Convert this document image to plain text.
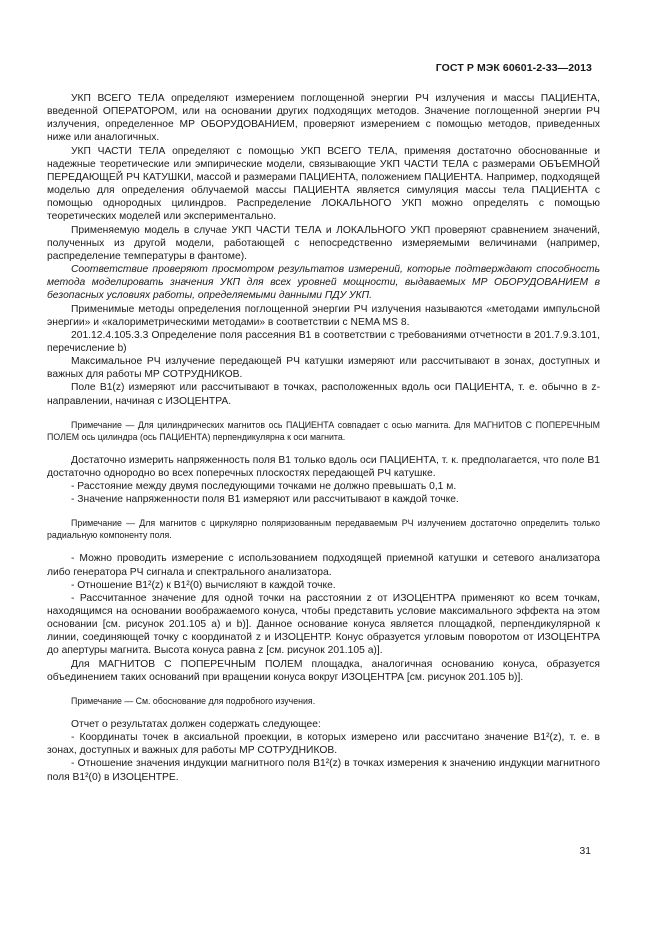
ГОСТ Р МЭК 60601-2-33—2013

УКП ВСЕГО ТЕЛА определяют измерением поглощенной энергии РЧ излучения и массы ПАЦИЕНТА, введенной ОПЕРАТОРОМ, или на основании других подходящих методов. Значение поглощенной энергии РЧ излучения, определенное МР ОБОРУДОВАНИЕМ, проверяют измерением с помощью методов, приведенных ниже или аналогичных.

УКП ЧАСТИ ТЕЛА определяют с помощью УКП ВСЕГО ТЕЛА, применяя достаточно обоснованные и надежные теоретические или эмпирические модели, связывающие УКП ЧАСТИ ТЕЛА с размерами ОБЪЕМНОЙ ПЕРЕДАЮЩЕЙ РЧ КАТУШКИ, массой и размерами ПАЦИЕНТА, положением ПАЦИЕНТА. Например, подходящей моделью для определения облучаемой массы ПАЦИЕНТА является симуляция массы тела ПАЦИЕНТА с помощью однородных цилиндров. Распределение ЛОКАЛЬНОГО УКП можно определять с помощью теоретических моделей или экспериментально.

Применяемую модель в случае УКП ЧАСТИ ТЕЛА и ЛОКАЛЬНОГО УКП проверяют сравнением значений, полученных из другой модели, работающей с непосредственно измеряемыми величинами (например, распределение температуры в фантоме).

Соответствие проверяют просмотром результатов измерений, которые подтверждают способность метода моделировать значения УКП для всех уровней мощности, выдаваемых МР ОБОРУДОВАНИЕМ в безопасных условиях работы, определяемыми данными ПДУ УКП.

Применимые методы определения поглощенной энергии РЧ излучения называются «методами импульсной энергии» и «калориметрическими методами» в соответствии с NEMA MS 8.

201.12.4.105.3.3 Определение поля рассеяния B1 в соответствии с требованиями отчетности в 201.7.9.3.101, перечисление b)

Максимальное РЧ излучение передающей РЧ катушки измеряют или рассчитывают в зонах, доступных и важных для работы МР СОТРУДНИКОВ.

Поле B1(z) измеряют или рассчитывают в точках, расположенных вдоль оси ПАЦИЕНТА, т. е. обычно в z-направлении, начиная с ИЗОЦЕНТРА.

Примечание — Для цилиндрических магнитов ось ПАЦИЕНТА совпадает с осью магнита. Для МАГНИТОВ С ПОПЕРЕЧНЫМ ПОЛЕМ ось цилиндра (ось ПАЦИЕНТА) перпендикулярна к оси магнита.

Достаточно измерить напряженность поля B1 только вдоль оси ПАЦИЕНТА, т. к. предполагается, что поле B1 достаточно однородно во всех поперечных плоскостях передающей РЧ катушке.

- Расстояние между двумя последующими точками не должно превышать 0,1 м.

- Значение напряженности поля B1 измеряют или рассчитывают в каждой точке.

Примечание — Для магнитов с циркулярно поляризованным передаваемым РЧ излучением достаточно определить только радиальную компоненту поля.

- Можно проводить измерение с использованием подходящей приемной катушки и сетевого анализатора либо генератора РЧ сигнала и спектрального анализатора.

- Отношение B1²(z) к B1²(0) вычисляют в каждой точке.

- Рассчитанное значение для одной точки на расстоянии z от ИЗОЦЕНТРА применяют ко всем точкам, находящимся на основании воображаемого конуса, чтобы представить условие максимального эффекта на этом основании [см. рисунок 201.105 а) и b)]. Данное основание конуса является площадкой, перпендикулярной к линии, соединяющей точку с координатой z и ИЗОЦЕНТР. Конус образуется угловым поворотом от ИЗОЦЕНТРА до апертуры магнита. Высота конуса равна z [см. рисунок 201.105 а)].

Для МАГНИТОВ С ПОПЕРЕЧНЫМ ПОЛЕМ площадка, аналогичная основанию конуса, образуется объединением таких оснований при вращении конуса вокруг ИЗОЦЕНТРА [см. рисунок 201.105 b)].

Примечание — См. обоснование для подробного изучения.

Отчет о результатах должен содержать следующее:

- Координаты точек в аксиальной проекции, в которых измерено или рассчитано значение B1²(z), т. е. в зонах, доступных и важных для работы МР СОТРУДНИКОВ.

- Отношение значения индукции магнитного поля B1²(z) в точках измерения к значению индукции магнитного поля B1²(0) в ИЗОЦЕНТРЕ.

31
